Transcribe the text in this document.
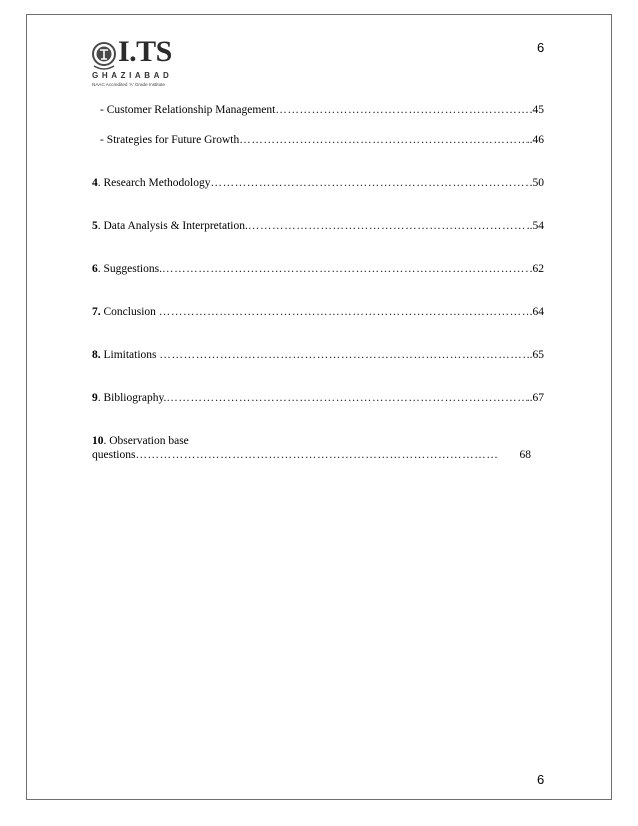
6
I.TS
GHAZIABAD
NAAC Accredited 'A' Grade Institute
- Customer Relationship Management ……………………………………………………………………………………………………………………………………………………………………	.45
- Strategies for Future Growth ……………………………………………………………………………………………………………………………………………………………………	..46
4. Research Methodology ……………………………………………………………………………………………………………………………………………………………………	.50
5. Data Analysis & Interpretation. ……………………………………………………………………………………………………………………………………………………………………	..54
6. Suggestions. ……………………………………………………………………………………………………………………………………………………………………	.62
7. Conclusion ……………………………………………………………………………………………………………………………………………………………………	.64
8. Limitations ……………………………………………………………………………………………………………………………………………………………………	.65
9. Bibliography. ……………………………………………………………………………………………………………………………………………………………………	..67
10. Observation base
questions ……………………………………………………………………………………………………………………………………………………………………	68
6
